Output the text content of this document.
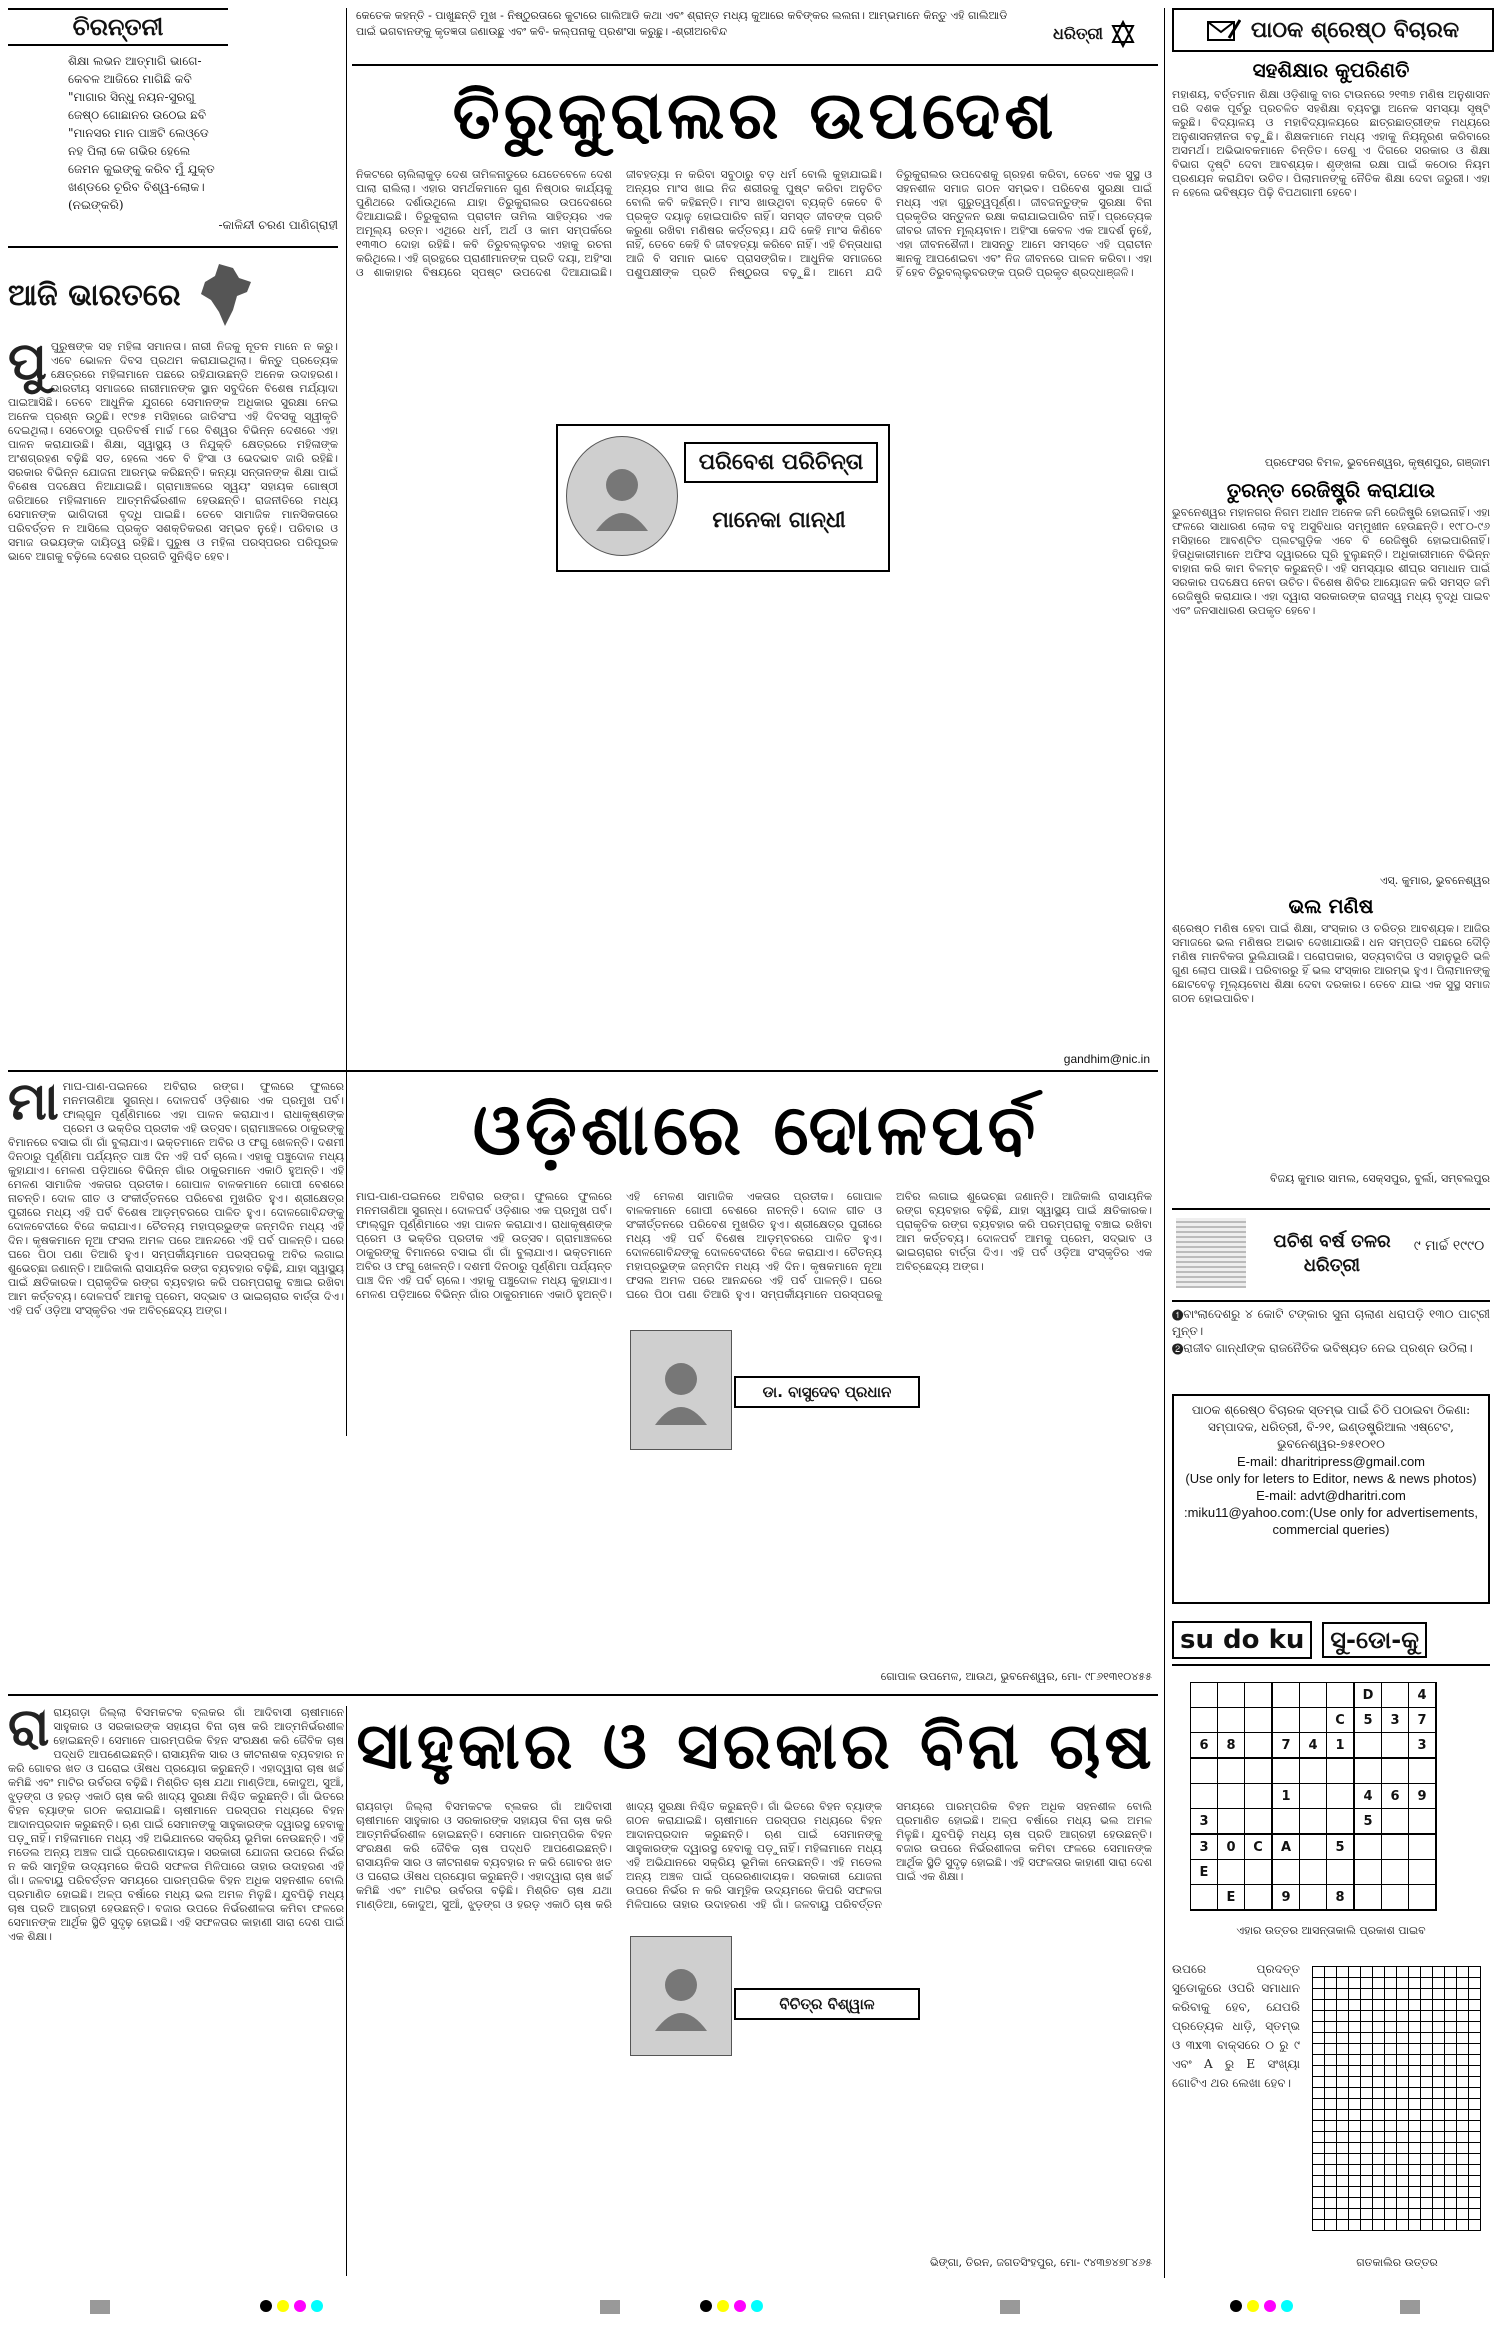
ଚିରନ୍ତନୀ
ଶିକ୍ଷା ଲଭନ ଆତ୍ମାଗି ଭାଗେ-
କେବଳ ଆଜିରେ ମାଗିଛି କବି
"ମାଗାର ସିନ୍ଧୁ ନୟନ-ସୁରଗୁ
ଜେଷ୍ଠ ଗୋଛାନର ଉଠେଇ ଛବି
"ମାନସର ମାନ ପାଞ୍ଚଟି ଲେଓ୍ଡେ
ନହ ପିଲା କେ ଗଭିର ହେଲେ
ଜେମନ କୁଇଙ୍କୁ କରିବ ମୁଁ ଯୁକ୍ତ
ଖଣ୍ଡରେ ଚୂରିବ ବିଶ୍ୱ-ଲୋକ।
(ନଇଙ୍କରି)
-କାଳିନ୍ଦୀ ଚରଣ ପାଣିଗ୍ରାହୀ
ଆଜି ଭାରତରେ
ପୁପୁରୁଷଙ୍କ ସହ ମହିଳା ସମାନତା। ନାରୀ ନିଜକୁ ନୂତନ ମାନେ ନ କରୁ। ଏବେ ଭୋଳନ ଦିବସ ପ୍ରଥମ କରାଯାଇଥିଲା। କିନ୍ତୁ ପ୍ରତ୍ୟେକ କ୍ଷେତ୍ରରେ ମହିଳାମାନେ ପଛରେ ରହିଯାଉଛନ୍ତି ଅନେକ ଉଦାହରଣ। ଭାରତୀୟ ସମାଜରେ ନାରୀମାନଙ୍କ ସ୍ଥାନ ସବୁଦିନେ ବିଶେଷ ମର୍ଯ୍ୟାଦା ପାଇଆସିଛି। ତେବେ ଆଧୁନିକ ଯୁଗରେ ସେମାନଙ୍କ ଅଧିକାର ସୁରକ୍ଷା ନେଇ ଅନେକ ପ୍ରଶ୍ନ ଉଠୁଛି। ୧୯୭୫ ମସିହାରେ ଜାତିସଂଘ ଏହି ଦିବସକୁ ସ୍ୱୀକୃତି ଦେଇଥିଲା। ସେବେଠାରୁ ପ୍ରତିବର୍ଷ ମାର୍ଚ୍ଚ ୮ରେ ବିଶ୍ୱର ବିଭିନ୍ନ ଦେଶରେ ଏହା ପାଳନ କରାଯାଉଛି। ଶିକ୍ଷା, ସ୍ୱାସ୍ଥ୍ୟ ଓ ନିଯୁକ୍ତି କ୍ଷେତ୍ରରେ ମହିଳାଙ୍କ ଅଂଶଗ୍ରହଣ ବଢ଼ିଛି ସତ, ହେଲେ ଏବେ ବି ହିଂସା ଓ ଭେଦଭାବ ଜାରି ରହିଛି। ସରକାର ବିଭିନ୍ନ ଯୋଜନା ଆରମ୍ଭ କରିଛନ୍ତି। କନ୍ୟା ସନ୍ତାନଙ୍କ ଶିକ୍ଷା ପାଇଁ ବିଶେଷ ପଦକ୍ଷେପ ନିଆଯାଇଛି। ଗ୍ରାମାଞ୍ଚଳରେ ସ୍ୱୟଂ ସହାୟକ ଗୋଷ୍ଠୀ ଜରିଆରେ ମହିଳାମାନେ ଆତ୍ମନିର୍ଭରଶୀଳ ହେଉଛନ୍ତି। ରାଜନୀତିରେ ମଧ୍ୟ ସେମାନଙ୍କ ଭାଗିଦାରୀ ବୃଦ୍ଧି ପାଇଛି। ତେବେ ସାମାଜିକ ମାନସିକତାରେ ପରିବର୍ତ୍ତନ ନ ଆସିଲେ ପ୍ରକୃତ ସଶକ୍ତିକରଣ ସମ୍ଭବ ନୁହେଁ। ପରିବାର ଓ ସମାଜ ଉଭୟଙ୍କ ଦାୟିତ୍ୱ ରହିଛି। ପୁରୁଷ ଓ ମହିଳା ପରସ୍ପରର ପରିପୂରକ ଭାବେ ଆଗକୁ ବଢ଼ିଲେ ଦେଶର ପ୍ରଗତି ସୁନିଶ୍ଚିତ ହେବ।
କେତେକ କହନ୍ତି - ପାଖୁଛନ୍ତି ମୁଖ - ନିଷ୍ଠୁରତାରେ କୁଟାରେ ଗାଲିଆଡି କଥା ଏବଂ ଶ୍ରାନ୍ତ ମଧ୍ୟ କୁଆରେ କବିଙ୍କର ଲଲନା। ଆମ୍ଭମାନେ କିନ୍ତୁ ଏହି ଗାଲିଆଡି ପାଇଁ ଭଗବାନଙ୍କୁ କୃତଜ୍ଞତା ଜଣାଉଛୁ ଏବଂ କବି- କଲ୍ପନାକୁ ପ୍ରଶଂସା କରୁଛୁ। -ଶ୍ରୀଅରବିନ୍ଦ	ଧରିତ୍ରୀ
ତିରୁକୁରାଲର ଉପଦେଶ
ନିକଟରେ ଚାଲିଲାକୁଡ଼ ଦେଶ ତାମିଳନାଡୁରେ ଯେତେବେଳେ ଦେଶ ପାଲା ରାଲିଲା। ଏହାର ସମର୍ଥକମାନେ ଗୁଣ ନିଷ୍ଠାର କାର୍ଯ୍ୟକୁ ପୁଣିଥରେ ଦର୍ଶାଉଥିଲେ ଯାହା ତିରୁକୁରାଲର ଉପଦେଶରେ ଦିଆଯାଇଛି। ତିରୁକୁରାଲ ପ୍ରାଚୀନ ତାମିଲ ସାହିତ୍ୟର ଏକ ଅମୂଲ୍ୟ ରତ୍ନ। ଏଥିରେ ଧର୍ମ, ଅର୍ଥ ଓ କାମ ସମ୍ପର୍କରେ ୧୩୩୦ ଦୋହା ରହିଛି। କବି ତିରୁବଲ୍ଲୁବର ଏହାକୁ ରଚନା କରିଥିଲେ। ଏହି ଗ୍ରନ୍ଥରେ ପ୍ରାଣୀମାନଙ୍କ ପ୍ରତି ଦୟା, ଅହିଂସା ଓ ଶାକାହାର ବିଷୟରେ ସ୍ପଷ୍ଟ ଉପଦେଶ ଦିଆଯାଇଛି। ଜୀବହତ୍ୟା ନ କରିବା ସବୁଠାରୁ ବଡ଼ ଧର୍ମ ବୋଲି କୁହାଯାଇଛି। ଅନ୍ୟର ମାଂସ ଖାଇ ନିଜ ଶରୀରକୁ ପୁଷ୍ଟ କରିବା ଅନୁଚିତ ବୋଲି କବି କହିଛନ୍ତି। ମାଂସ ଖାଉଥିବା ବ୍ୟକ୍ତି କେବେ ବି ପ୍ରକୃତ ଦୟାଳୁ ହୋଇପାରିବ ନାହିଁ। ସମସ୍ତ ଜୀବଙ୍କ ପ୍ରତି କରୁଣା ରଖିବା ମଣିଷର କର୍ତ୍ତବ୍ୟ। ଯଦି କେହି ମାଂସ କିଣିବେ ନାହିଁ, ତେବେ କେହି ବି ଜୀବହତ୍ୟା କରିବେ ନାହିଁ। ଏହି ଚିନ୍ତାଧାରା ଆଜି ବି ସମାନ ଭାବେ ପ୍ରାସଙ୍ଗିକ। ଆଧୁନିକ ସମାଜରେ ପଶୁପକ୍ଷୀଙ୍କ ପ୍ରତି ନିଷ୍ଠୁରତା ବଢ଼ୁଛି। ଆମେ ଯଦି ତିରୁକୁରାଲର ଉପଦେଶକୁ ଗ୍ରହଣ କରିବା, ତେବେ ଏକ ସୁସ୍ଥ ଓ ସହନଶୀଳ ସମାଜ ଗଠନ ସମ୍ଭବ। ପରିବେଶ ସୁରକ୍ଷା ପାଇଁ ମଧ୍ୟ ଏହା ଗୁରୁତ୍ୱପୂର୍ଣ୍ଣ। ଜୀବଜନ୍ତୁଙ୍କ ସୁରକ୍ଷା ବିନା ପ୍ରକୃତିର ସନ୍ତୁଳନ ରକ୍ଷା କରାଯାଇପାରିବ ନାହିଁ। ପ୍ରତ୍ୟେକ ଜୀବର ଜୀବନ ମୂଲ୍ୟବାନ। ଅହିଂସା କେବଳ ଏକ ଆଦର୍ଶ ନୁହେଁ, ଏହା ଜୀବନଶୈଳୀ। ଆସନ୍ତୁ ଆମେ ସମସ୍ତେ ଏହି ପ୍ରାଚୀନ ଜ୍ଞାନକୁ ଆପଣେଇବା ଏବଂ ନିଜ ଜୀବନରେ ପାଳନ କରିବା। ଏହା ହିଁ ହେବ ତିରୁବଲ୍ଲୁବରଙ୍କ ପ୍ରତି ପ୍ରକୃତ ଶ୍ରଦ୍ଧାଞ୍ଜଳି।
ପରିବେଶ ପରିଚିନ୍ତା
ମାନେକା ଗାନ୍ଧୀ
gandhim@nic.in
ଓଡ଼ିଶାରେ ଦୋଳପର୍ବ
ମାମାଘ-ପାଣ-ପଇନରେ ଅବିରାର ରଙ୍ଗ। ଫୁଲରେ ଫୁଲରେ ମନମତାଣିଆ ସୁଗନ୍ଧ। ଦୋଳପର୍ବ ଓଡ଼ିଶାର ଏକ ପ୍ରମୁଖ ପର୍ବ। ଫାଲ୍ଗୁନ ପୂର୍ଣ୍ଣିମାରେ ଏହା ପାଳନ କରାଯାଏ। ରାଧାକୃଷ୍ଣଙ୍କ ପ୍ରେମ ଓ ଭକ୍ତିର ପ୍ରତୀକ ଏହି ଉତ୍ସବ। ଗ୍ରାମାଞ୍ଚଳରେ ଠାକୁରଙ୍କୁ ବିମାନରେ ବସାଇ ଗାଁ ଗାଁ ବୁଲାଯାଏ। ଭକ୍ତମାନେ ଅବିର ଓ ଫଗୁ ଖେଳନ୍ତି। ଦଶମୀ ଦିନଠାରୁ ପୂର୍ଣ୍ଣିମା ପର୍ଯ୍ୟନ୍ତ ପାଞ୍ଚ ଦିନ ଏହି ପର୍ବ ଚାଲେ। ଏହାକୁ ପଞ୍ଚୁଦୋଳ ମଧ୍ୟ କୁହାଯାଏ। ମେଳଣ ପଡ଼ିଆରେ ବିଭିନ୍ନ ଗାଁର ଠାକୁରମାନେ ଏକାଠି ହୁଅନ୍ତି। ଏହି ମେଳଣ ସାମାଜିକ ଏକତାର ପ୍ରତୀକ। ଗୋପାଳ ବାଳକମାନେ ଗୋପୀ ବେଶରେ ନାଚନ୍ତି। ଦୋଳ ଗୀତ ଓ ସଂକୀର୍ତ୍ତନରେ ପରିବେଶ ମୁଖରିତ ହୁଏ। ଶ୍ରୀକ୍ଷେତ୍ର ପୁରୀରେ ମଧ୍ୟ ଏହି ପର୍ବ ବିଶେଷ ଆଡ଼ମ୍ବରରେ ପାଳିତ ହୁଏ। ଦୋଳଗୋବିନ୍ଦଙ୍କୁ ଦୋଳବେଦୀରେ ବିଜେ କରାଯାଏ। ଚୈତନ୍ୟ ମହାପ୍ରଭୁଙ୍କ ଜନ୍ମଦିନ ମଧ୍ୟ ଏହି ଦିନ। କୃଷକମାନେ ନୂଆ ଫସଲ ଅମଳ ପରେ ଆନନ୍ଦରେ ଏହି ପର୍ବ ପାଳନ୍ତି। ଘରେ ଘରେ ପିଠା ପଣା ତିଆରି ହୁଏ। ସମ୍ପର୍କୀୟମାନେ ପରସ୍ପରକୁ ଅବିର ଲଗାଇ ଶୁଭେଚ୍ଛା ଜଣାନ୍ତି। ଆଜିକାଲି ରାସାୟନିକ ରଙ୍ଗ ବ୍ୟବହାର ବଢ଼ିଛି, ଯାହା ସ୍ୱାସ୍ଥ୍ୟ ପାଇଁ କ୍ଷତିକାରକ। ପ୍ରାକୃତିକ ରଙ୍ଗ ବ୍ୟବହାର କରି ପରମ୍ପରାକୁ ବଞ୍ଚାଇ ରଖିବା ଆମ କର୍ତ୍ତବ୍ୟ। ଦୋଳପର୍ବ ଆମକୁ ପ୍ରେମ, ସଦ୍ଭାବ ଓ ଭାଇଚାରାର ବାର୍ତ୍ତା ଦିଏ। ଏହି ପର୍ବ ଓଡ଼ିଆ ସଂସ୍କୃତିର ଏକ ଅବିଚ୍ଛେଦ୍ୟ ଅଙ୍ଗ।
ମାଘ-ପାଣ-ପଇନରେ ଅବିରାର ରଙ୍ଗ। ଫୁଲରେ ଫୁଲରେ ମନମତାଣିଆ ସୁଗନ୍ଧ। ଦୋଳପର୍ବ ଓଡ଼ିଶାର ଏକ ପ୍ରମୁଖ ପର୍ବ। ଫାଲ୍ଗୁନ ପୂର୍ଣ୍ଣିମାରେ ଏହା ପାଳନ କରାଯାଏ। ରାଧାକୃଷ୍ଣଙ୍କ ପ୍ରେମ ଓ ଭକ୍ତିର ପ୍ରତୀକ ଏହି ଉତ୍ସବ। ଗ୍ରାମାଞ୍ଚଳରେ ଠାକୁରଙ୍କୁ ବିମାନରେ ବସାଇ ଗାଁ ଗାଁ ବୁଲାଯାଏ। ଭକ୍ତମାନେ ଅବିର ଓ ଫଗୁ ଖେଳନ୍ତି। ଦଶମୀ ଦିନଠାରୁ ପୂର୍ଣ୍ଣିମା ପର୍ଯ୍ୟନ୍ତ ପାଞ୍ଚ ଦିନ ଏହି ପର୍ବ ଚାଲେ। ଏହାକୁ ପଞ୍ଚୁଦୋଳ ମଧ୍ୟ କୁହାଯାଏ। ମେଳଣ ପଡ଼ିଆରେ ବିଭିନ୍ନ ଗାଁର ଠାକୁରମାନେ ଏକାଠି ହୁଅନ୍ତି। ଏହି ମେଳଣ ସାମାଜିକ ଏକତାର ପ୍ରତୀକ। ଗୋପାଳ ବାଳକମାନେ ଗୋପୀ ବେଶରେ ନାଚନ୍ତି। ଦୋଳ ଗୀତ ଓ ସଂକୀର୍ତ୍ତନରେ ପରିବେଶ ମୁଖରିତ ହୁଏ। ଶ୍ରୀକ୍ଷେତ୍ର ପୁରୀରେ ମଧ୍ୟ ଏହି ପର୍ବ ବିଶେଷ ଆଡ଼ମ୍ବରରେ ପାଳିତ ହୁଏ। ଦୋଳଗୋବିନ୍ଦଙ୍କୁ ଦୋଳବେଦୀରେ ବିଜେ କରାଯାଏ। ଚୈତନ୍ୟ ମହାପ୍ରଭୁଙ୍କ ଜନ୍ମଦିନ ମଧ୍ୟ ଏହି ଦିନ। କୃଷକମାନେ ନୂଆ ଫସଲ ଅମଳ ପରେ ଆନନ୍ଦରେ ଏହି ପର୍ବ ପାଳନ୍ତି। ଘରେ ଘରେ ପିଠା ପଣା ତିଆରି ହୁଏ। ସମ୍ପର୍କୀୟମାନେ ପରସ୍ପରକୁ ଅବିର ଲଗାଇ ଶୁଭେଚ୍ଛା ଜଣାନ୍ତି। ଆଜିକାଲି ରାସାୟନିକ ରଙ୍ଗ ବ୍ୟବହାର ବଢ଼ିଛି, ଯାହା ସ୍ୱାସ୍ଥ୍ୟ ପାଇଁ କ୍ଷତିକାରକ। ପ୍ରାକୃତିକ ରଙ୍ଗ ବ୍ୟବହାର କରି ପରମ୍ପରାକୁ ବଞ୍ଚାଇ ରଖିବା ଆମ କର୍ତ୍ତବ୍ୟ। ଦୋଳପର୍ବ ଆମକୁ ପ୍ରେମ, ସଦ୍ଭାବ ଓ ଭାଇଚାରାର ବାର୍ତ୍ତା ଦିଏ। ଏହି ପର୍ବ ଓଡ଼ିଆ ସଂସ୍କୃତିର ଏକ ଅବିଚ୍ଛେଦ୍ୟ ଅଙ୍ଗ।
ଡା. ବାସୁଦେବ ପ୍ରଧାନ
ଗୋପାଳ ଉପମେଳ, ଆଉଥ, ଭୁବନେଶ୍ୱର, ମୋ- ୯୮୬୧୩୧୦୪୫୫
ସାହୁକାର ଓ ସରକାର ବିନା ଚାଷ
ରାରାୟଗଡ଼ା ଜିଲ୍ଲା ବିସମକଟକ ବ୍ଲକର ଗାଁ ଆଦିବାସୀ ଚାଷୀମାନେ ସାହୁକାର ଓ ସରକାରଙ୍କ ସହାୟତା ବିନା ଚାଷ କରି ଆତ୍ମନିର୍ଭରଶୀଳ ହୋଇଛନ୍ତି। ସେମାନେ ପାରମ୍ପରିକ ବିହନ ସଂରକ୍ଷଣ କରି ଜୈବିକ ଚାଷ ପଦ୍ଧତି ଆପଣେଇଛନ୍ତି। ରାସାୟନିକ ସାର ଓ କୀଟନାଶକ ବ୍ୟବହାର ନ କରି ଗୋବର ଖତ ଓ ଘରୋଇ ଔଷଧ ପ୍ରୟୋଗ କରୁଛନ୍ତି। ଏହାଦ୍ୱାରା ଚାଷ ଖର୍ଚ୍ଚ କମିଛି ଏବଂ ମାଟିର ଉର୍ବରତା ବଢ଼ିଛି। ମିଶ୍ରିତ ଚାଷ ଯଥା ମାଣ୍ଡିଆ, କୋଦୁଅ, ସୁଆଁ, ଝୁଡ଼ଙ୍ଗ ଓ ହରଡ଼ ଏକାଠି ଚାଷ କରି ଖାଦ୍ୟ ସୁରକ୍ଷା ନିଶ୍ଚିତ କରୁଛନ୍ତି। ଗାଁ ଭିତରେ ବିହନ ବ୍ୟାଙ୍କ ଗଠନ କରାଯାଇଛି। ଚାଷୀମାନେ ପରସ୍ପର ମଧ୍ୟରେ ବିହନ ଆଦାନପ୍ରଦାନ କରୁଛନ୍ତି। ଋଣ ପାଇଁ ସେମାନଙ୍କୁ ସାହୁକାରଙ୍କ ଦ୍ୱାରସ୍ଥ ହେବାକୁ ପଡ଼ୁନାହିଁ। ମହିଳାମାନେ ମଧ୍ୟ ଏହି ଅଭିଯାନରେ ସକ୍ରିୟ ଭୂମିକା ନେଉଛନ୍ତି। ଏହି ମଡେଲ ଅନ୍ୟ ଅଞ୍ଚଳ ପାଇଁ ପ୍ରେରଣାଦାୟକ। ସରକାରୀ ଯୋଜନା ଉପରେ ନିର୍ଭର ନ କରି ସାମୂହିକ ଉଦ୍ୟମରେ କିପରି ସଫଳତା ମିଳିପାରେ ତାହାର ଉଦାହରଣ ଏହି ଗାଁ। ଜଳବାୟୁ ପରିବର୍ତ୍ତନ ସମୟରେ ପାରମ୍ପରିକ ବିହନ ଅଧିକ ସହନଶୀଳ ବୋଲି ପ୍ରମାଣିତ ହୋଇଛି। ଅଳ୍ପ ବର୍ଷାରେ ମଧ୍ୟ ଭଲ ଅମଳ ମିଳୁଛି। ଯୁବପିଢ଼ି ମଧ୍ୟ ଚାଷ ପ୍ରତି ଆଗ୍ରହୀ ହେଉଛନ୍ତି। ବଜାର ଉପରେ ନିର୍ଭରଶୀଳତା କମିବା ଫଳରେ ସେମାନଙ୍କ ଆର୍ଥିକ ସ୍ଥିତି ସୁଦୃଢ଼ ହୋଇଛି। ଏହି ସଫଳତାର କାହାଣୀ ସାରା ଦେଶ ପାଇଁ ଏକ ଶିକ୍ଷା।
ରାୟଗଡ଼ା ଜିଲ୍ଲା ବିସମକଟକ ବ୍ଲକର ଗାଁ ଆଦିବାସୀ ଚାଷୀମାନେ ସାହୁକାର ଓ ସରକାରଙ୍କ ସହାୟତା ବିନା ଚାଷ କରି ଆତ୍ମନିର୍ଭରଶୀଳ ହୋଇଛନ୍ତି। ସେମାନେ ପାରମ୍ପରିକ ବିହନ ସଂରକ୍ଷଣ କରି ଜୈବିକ ଚାଷ ପଦ୍ଧତି ଆପଣେଇଛନ୍ତି। ରାସାୟନିକ ସାର ଓ କୀଟନାଶକ ବ୍ୟବହାର ନ କରି ଗୋବର ଖତ ଓ ଘରୋଇ ଔଷଧ ପ୍ରୟୋଗ କରୁଛନ୍ତି। ଏହାଦ୍ୱାରା ଚାଷ ଖର୍ଚ୍ଚ କମିଛି ଏବଂ ମାଟିର ଉର୍ବରତା ବଢ଼ିଛି। ମିଶ୍ରିତ ଚାଷ ଯଥା ମାଣ୍ଡିଆ, କୋଦୁଅ, ସୁଆଁ, ଝୁଡ଼ଙ୍ଗ ଓ ହରଡ଼ ଏକାଠି ଚାଷ କରି ଖାଦ୍ୟ ସୁରକ୍ଷା ନିଶ୍ଚିତ କରୁଛନ୍ତି। ଗାଁ ଭିତରେ ବିହନ ବ୍ୟାଙ୍କ ଗଠନ କରାଯାଇଛି। ଚାଷୀମାନେ ପରସ୍ପର ମଧ୍ୟରେ ବିହନ ଆଦାନପ୍ରଦାନ କରୁଛନ୍ତି। ଋଣ ପାଇଁ ସେମାନଙ୍କୁ ସାହୁକାରଙ୍କ ଦ୍ୱାରସ୍ଥ ହେବାକୁ ପଡ଼ୁନାହିଁ। ମହିଳାମାନେ ମଧ୍ୟ ଏହି ଅଭିଯାନରେ ସକ୍ରିୟ ଭୂମିକା ନେଉଛନ୍ତି। ଏହି ମଡେଲ ଅନ୍ୟ ଅଞ୍ଚଳ ପାଇଁ ପ୍ରେରଣାଦାୟକ। ସରକାରୀ ଯୋଜନା ଉପରେ ନିର୍ଭର ନ କରି ସାମୂହିକ ଉଦ୍ୟମରେ କିପରି ସଫଳତା ମିଳିପାରେ ତାହାର ଉଦାହରଣ ଏହି ଗାଁ। ଜଳବାୟୁ ପରିବର୍ତ୍ତନ ସମୟରେ ପାରମ୍ପରିକ ବିହନ ଅଧିକ ସହନଶୀଳ ବୋଲି ପ୍ରମାଣିତ ହୋଇଛି। ଅଳ୍ପ ବର୍ଷାରେ ମଧ୍ୟ ଭଲ ଅମଳ ମିଳୁଛି। ଯୁବପିଢ଼ି ମଧ୍ୟ ଚାଷ ପ୍ରତି ଆଗ୍ରହୀ ହେଉଛନ୍ତି। ବଜାର ଉପରେ ନିର୍ଭରଶୀଳତା କମିବା ଫଳରେ ସେମାନଙ୍କ ଆର୍ଥିକ ସ୍ଥିତି ସୁଦୃଢ଼ ହୋଇଛି। ଏହି ସଫଳତାର କାହାଣୀ ସାରା ଦେଶ ପାଇଁ ଏକ ଶିକ୍ଷା।
ବିଚିତ୍ର ବିଶ୍ୱାଳ
ଭିଙ୍ଗା, ତିରନ, ଜଗତସିଂହପୁର, ମୋ- ୯୪୩୭୪୭୮୪୬୫
ପାଠକ ଶ୍ରେଷ୍ଠ ବିଚାରକ
ସହଶିକ୍ଷାର କୁପରିଣତି
ମହାଶୟ, ବର୍ତ୍ତମାନ ଶିକ୍ଷା ଓଡ଼ିଶାକୁ ବାର ଟାଉନରେ ୨୧୩୭ ମଣିଷ ଅନୁଶାସନ ପରି ଦଶକ ପୂର୍ବରୁ ପ୍ରଚଳିତ ସହଶିକ୍ଷା ବ୍ୟବସ୍ଥା ଅନେକ ସମସ୍ୟା ସୃଷ୍ଟି କରୁଛି। ବିଦ୍ୟାଳୟ ଓ ମହାବିଦ୍ୟାଳୟରେ ଛାତ୍ରଛାତ୍ରୀଙ୍କ ମଧ୍ୟରେ ଅନୁଶାସନହୀନତା ବଢ଼ୁଛି। ଶିକ୍ଷକମାନେ ମଧ୍ୟ ଏହାକୁ ନିୟନ୍ତ୍ରଣ କରିବାରେ ଅସମର୍ଥ। ଅଭିଭାବକମାନେ ଚିନ୍ତିତ। ତେଣୁ ଏ ଦିଗରେ ସରକାର ଓ ଶିକ୍ଷା ବିଭାଗ ଦୃଷ୍ଟି ଦେବା ଆବଶ୍ୟକ। ଶୃଙ୍ଖଳା ରକ୍ଷା ପାଇଁ କଠୋର ନିୟମ ପ୍ରଣୟନ କରାଯିବା ଉଚିତ। ପିଲାମାନଙ୍କୁ ନୈତିକ ଶିକ୍ଷା ଦେବା ଜରୁରୀ। ଏହା ନ ହେଲେ ଭବିଷ୍ୟତ ପିଢ଼ି ବିପଥଗାମୀ ହେବେ।
ପ୍ରଫେସର ବିମଳ, ଭୁବନେଶ୍ୱର, କୃଷ୍ଣପୁର, ଗଞ୍ଜାମ
ତୁରନ୍ତ ରେଜିଷ୍ଟ୍ରି କରାଯାଉ
ଭୁବନେଶ୍ୱର ମହାନଗର ନିଗମ ଅଧୀନ ଅନେକ ଜମି ରେଜିଷ୍ଟ୍ରି ହୋଇନାହିଁ। ଏହା ଫଳରେ ସାଧାରଣ ଲୋକ ବହୁ ଅସୁବିଧାର ସମ୍ମୁଖୀନ ହେଉଛନ୍ତି। ୧୯୮୦-୯୬ ମସିହାରେ ଆବଣ୍ଟିତ ପ୍ଲଟଗୁଡ଼ିକ ଏବେ ବି ରେଜିଷ୍ଟ୍ରି ହୋଇପାରିନାହିଁ। ହିତାଧିକାରୀମାନେ ଅଫିସ ଦ୍ୱାରରେ ଘୂରି ବୁଲୁଛନ୍ତି। ଅଧିକାରୀମାନେ ବିଭିନ୍ନ ବାହାନା କରି କାମ ବିଳମ୍ବ କରୁଛନ୍ତି। ଏହି ସମସ୍ୟାର ଶୀଘ୍ର ସମାଧାନ ପାଇଁ ସରକାର ପଦକ୍ଷେପ ନେବା ଉଚିତ। ବିଶେଷ ଶିବିର ଆୟୋଜନ କରି ସମସ୍ତ ଜମି ରେଜିଷ୍ଟ୍ରି କରାଯାଉ। ଏହା ଦ୍ୱାରା ସରକାରଙ୍କ ରାଜସ୍ୱ ମଧ୍ୟ ବୃଦ୍ଧି ପାଇବ ଏବଂ ଜନସାଧାରଣ ଉପକୃତ ହେବେ।
ଏସ୍. କୁମାର, ଭୁବନେଶ୍ୱର
ଭଲ ମଣିଷ
ଶ୍ରେଷ୍ଠ ମଣିଷ ହେବା ପାଇଁ ଶିକ୍ଷା, ସଂସ୍କାର ଓ ଚରିତ୍ର ଆବଶ୍ୟକ। ଆଜିର ସମାଜରେ ଭଲ ମଣିଷର ଅଭାବ ଦେଖାଯାଉଛି। ଧନ ସମ୍ପତ୍ତି ପଛରେ ଦୌଡ଼ି ମଣିଷ ମାନବିକତା ଭୁଲିଯାଉଛି। ପରୋପକାର, ସତ୍ୟବାଦିତା ଓ ସହାନୁଭୂତି ଭଳି ଗୁଣ ଲୋପ ପାଉଛି। ପରିବାରରୁ ହିଁ ଭଲ ସଂସ୍କାର ଆରମ୍ଭ ହୁଏ। ପିଲାମାନଙ୍କୁ ଛୋଟବେଳୁ ମୂଲ୍ୟବୋଧ ଶିକ୍ଷା ଦେବା ଦରକାର। ତେବେ ଯାଇ ଏକ ସୁସ୍ଥ ସମାଜ ଗଠନ ହୋଇପାରିବ।
ବିଜୟ କୁମାର ସାମଲ, ସେକ୍ସପୁର, ବୁର୍ଲା, ସମ୍ବଲପୁର
ପଚିଶ ବର୍ଷ ତଳର ଧରିତ୍ରୀ
୯ ମାର୍ଚ୍ଚ ୧୯୯୦
➊ବାଂଲାଦେଶରୁ ୪ କୋଟି ଟଙ୍କାର ସୁନା ଚାଲାଣ ଧରାପଡ଼ି ୧୩୦ ପାଟ୍ରୀ ମୁନ୍ତ।
➋ରାଜୀବ ଗାନ୍ଧୀଙ୍କ ରାଜନୈତିକ ଭବିଷ୍ୟତ ନେଇ ପ୍ରଶ୍ନ ଉଠିଲା।
ପାଠକ ଶ୍ରେଷ୍ଠ ବିଚାରକ ସ୍ତମ୍ଭ ପାଇଁ ଚିଠି ପଠାଇବା ଠିକଣା: ସମ୍ପାଦକ, ଧରିତ୍ରୀ, ବି-୨୧, ଇଣ୍ଡଷ୍ଟ୍ରିଆଲ ଏଷ୍ଟେଟ, ଭୁବନେଶ୍ୱର-୭୫୧୦୧୦
E-mail: dharitripress@gmail.com
(Use only for leters to Editor, news & news photos)
E-mail: advt@dharitri.com
:miku11@yahoo.com:(Use only for advertisements, commercial queries)
su do ku	ସୁ-ଡୋ-କୁ
						D		4
					C	5	3	7
6	8		7	4	1			3

			1			4	6	9
3						5		
3	0	C	A		5			
E								
	E		9		8			
ଏହାର ଉତ୍ତର ଆସନ୍ତାକାଲି ପ୍ରକାଶ ପାଇବ
ଉପରେ ପ୍ରଦତ୍ତ ସୁଡୋକୁରେ ଓପରି ସମାଧାନ କରିବାକୁ ହେବ, ଯେପରି ପ୍ରତ୍ୟେକ ଧାଡ଼ି, ସ୍ତମ୍ଭ ଓ ୩x୩ ବାକ୍ସରେ ୦ ରୁ ୯ ଏବଂ A ରୁ E ସଂଖ୍ୟା ଗୋଟିଏ ଥର ଲେଖା ହେବ।

ଗତକାଲିର ଉତ୍ତର
